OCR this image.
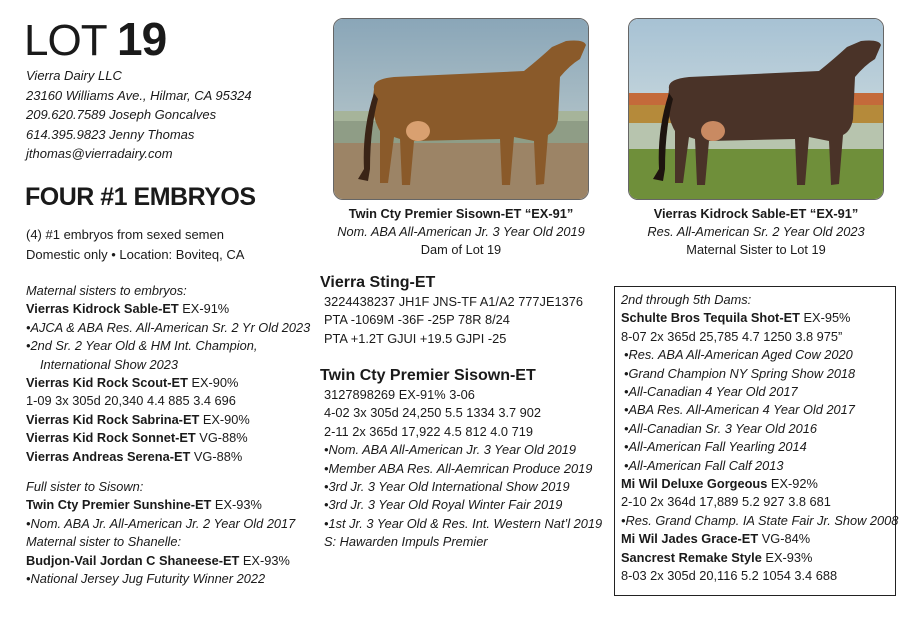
LOT 19
Vierra Dairy LLC
23160 Williams Ave., Hilmar, CA 95324
209.620.7589 Joseph Goncalves
614.395.9823 Jenny Thomas
jthomas@vierradairy.com
FOUR #1 EMBRYOS
(4) #1 embryos from sexed semen
Domestic only • Location: Boviteq, CA
Maternal sisters to embryos:
Vierras Kidrock Sable-ET EX-91%
•AJCA & ABA Res. All-American Sr. 2 Yr Old 2023
•2nd Sr. 2 Year Old & HM Int. Champion,
International Show 2023
Vierras Kid Rock Scout-ET EX-90%
1-09 3x 305d 20,340 4.4 885 3.4 696
Vierras Kid Rock Sabrina-ET EX-90%
Vierras Kid Rock Sonnet-ET VG-88%
Vierras Andreas Serena-ET VG-88%
Full sister to Sisown:
Twin Cty Premier Sunshine-ET EX-93%
•Nom. ABA Jr. All-American Jr. 2 Year Old 2017
Maternal sister to Shanelle:
Budjon-Vail Jordan C Shaneese-ET EX-93%
•National Jersey Jug Futurity Winner 2022
Twin Cty Premier Sisown-ET “EX-91”
Nom. ABA All-American Jr. 3 Year Old 2019
Dam of Lot 19
Vierras Kidrock Sable-ET “EX-91”
Res. All-American Sr. 2 Year Old 2023
Maternal Sister to Lot 19
Vierra Sting-ET
3224438237 JH1F JNS-TF A1/A2 777JE1376
PTA -1069M -36F -25P 78R 8/24
PTA +1.2T GJUI +19.5 GJPI -25
Twin Cty Premier Sisown-ET
3127898269 EX-91% 3-06
4-02 3x 305d 24,250 5.5 1334 3.7 902
2-11 2x 365d 17,922 4.5 812 4.0 719
•Nom. ABA All-American Jr. 3 Year Old 2019
•Member ABA Res. All-Aemrican Produce 2019
•3rd Jr. 3 Year Old International Show 2019
•3rd Jr. 3 Year Old Royal Winter Fair 2019
•1st Jr. 3 Year Old & Res. Int. Western Nat’l 2019
S: Hawarden Impuls Premier
2nd through 5th Dams:
Schulte Bros Tequila Shot-ET EX-95%
8-07 2x 365d 25,785 4.7 1250 3.8 975”
•Res. ABA All-American Aged Cow 2020
•Grand Champion NY Spring Show 2018
•All-Canadian 4 Year Old 2017
•ABA Res. All-American 4 Year Old 2017
•All-Canadian Sr. 3 Year Old 2016
•All-American Fall Yearling 2014
•All-American Fall Calf 2013
Mi Wil Deluxe Gorgeous EX-92%
2-10 2x 364d 17,889 5.2 927 3.8 681
•Res. Grand Champ. IA State Fair Jr. Show 2008
Mi Wil Jades Grace-ET VG-84%
Sancrest Remake Style EX-93%
8-03 2x 305d 20,116 5.2 1054 3.4 688
